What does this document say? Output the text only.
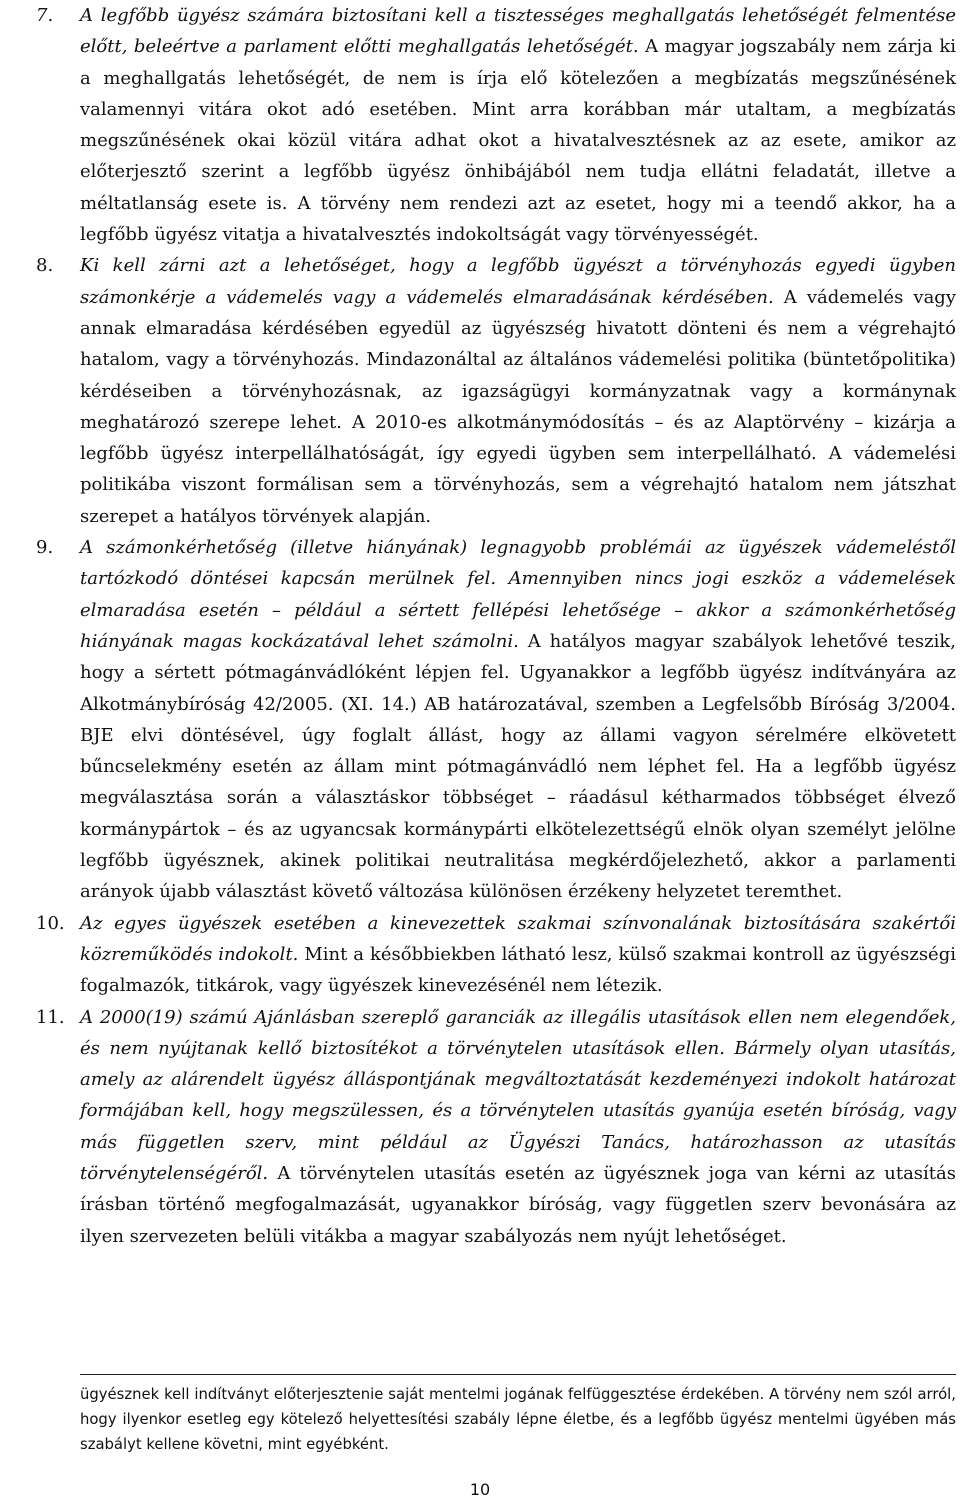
7.	A legfőbb ügyész számára biztosítani kell a tisztességes meghallgatás lehetőségét felmentése előtt, beleértve a parlament előtti meghallgatás lehetőségét. A magyar jogszabály nem zárja ki a meghallgatás lehetőségét, de nem is írja elő kötelezően a megbízatás megszűnésének valamennyi vitára okot adó esetében. Mint arra korábban már utaltam, a megbízatás megszűnésének okai közül vitára adhat okot a hivatalvesztésnek az az esete, amikor az előterjesztő szerint a legfőbb ügyész önhibájából nem tudja ellátni feladatát, illetve a méltatlanság esete is. A törvény nem rendezi azt az esetet, hogy mi a teendő akkor, ha a legfőbb ügyész vitatja a hivatalvesztés indokoltságát vagy törvényességét.

8.	Ki kell zárni azt a lehetőséget, hogy a legfőbb ügyészt a törvényhozás egyedi ügyben számonkérje a vádemelés vagy a vádemelés elmaradásának kérdésében. A vádemelés vagy annak elmaradása kérdésében egyedül az ügyészség hivatott dönteni és nem a végrehajtó hatalom, vagy a törvényhozás. Mindazonáltal az általános vádemelési politika (büntetőpolitika) kérdéseiben a törvényhozásnak, az igazságügyi kormányzatnak vagy a kormánynak meghatározó szerepe lehet. A 2010-es alkotmánymódosítás – és az Alaptörvény – kizárja a legfőbb ügyész interpellálhatóságát, így egyedi ügyben sem interpellálható. A vádemelési politikába viszont formálisan sem a törvényhozás, sem a végrehajtó hatalom nem játszhat szerepet a hatályos törvények alapján.

9.	A számonkérhetőség (illetve hiányának) legnagyobb problémái az ügyészek vádemeléstől tartózkodó döntései kapcsán merülnek fel. Amennyiben nincs jogi eszköz a vádemelések elmaradása esetén – például a sértett fellépési lehetősége – akkor a számonkérhetőség hiányának magas kockázatával lehet számolni. A hatályos magyar szabályok lehetővé teszik, hogy a sértett pótmagánvádlóként lépjen fel. Ugyanakkor a legfőbb ügyész indítványára az Alkotmánybíróság 42/2005. (XI. 14.) AB határozatával, szemben a Legfelsőbb Bíróság 3/2004. BJE elvi döntésével, úgy foglalt állást, hogy az állami vagyon sérelmére elkövetett bűncselekmény esetén az állam mint pótmagánvádló nem léphet fel. Ha a legfőbb ügyész megválasztása során a választáskor többséget – ráadásul kétharmados többséget élvező kormánypártok – és az ugyancsak kormánypárti elkötelezettségű elnök olyan személyt jelölne legfőbb ügyésznek, akinek politikai neutralitása megkérdőjelezhető, akkor a parlamenti arányok újabb választást követő változása különösen érzékeny helyzetet teremthet.

10. Az egyes ügyészek esetében a kinevezettek szakmai színvonalának biztosítására szakértői közreműködés indokolt. Mint a későbbiekben látható lesz, külső szakmai kontroll az ügyészségi fogalmazók, titkárok, vagy ügyészek kinevezésénél nem létezik.

11. A 2000(19) számú Ajánlásban szereplő garanciák az illegális utasítások ellen nem elegendőek, és nem nyújtanak kellő biztosítékot a törvénytelen utasítások ellen. Bármely olyan utasítás, amely az alárendelt ügyész álláspontjának megváltoztatását kezdeményezi indokolt határozat formájában kell, hogy megszülessen, és a törvénytelen utasítás gyanúja esetén bíróság, vagy más független szerv, mint például az Ügyészi Tanács, határozhasson az utasítás törvénytelenségéről. A törvénytelen utasítás esetén az ügyésznek joga van kérni az utasítás írásban történő megfogalmazását, ugyanakkor bíróság, vagy független szerv bevonására az ilyen szervezeten belüli vitákba a magyar szabályozás nem nyújt lehetőséget.

ügyésznek kell indítványt előterjesztenie saját mentelmi jogának felfüggesztése érdekében. A törvény nem szól arról, hogy ilyenkor esetleg egy kötelező helyettesítési szabály lépne életbe, és a legfőbb ügyész mentelmi ügyében más szabályt kellene követni, mint egyébként.

10
